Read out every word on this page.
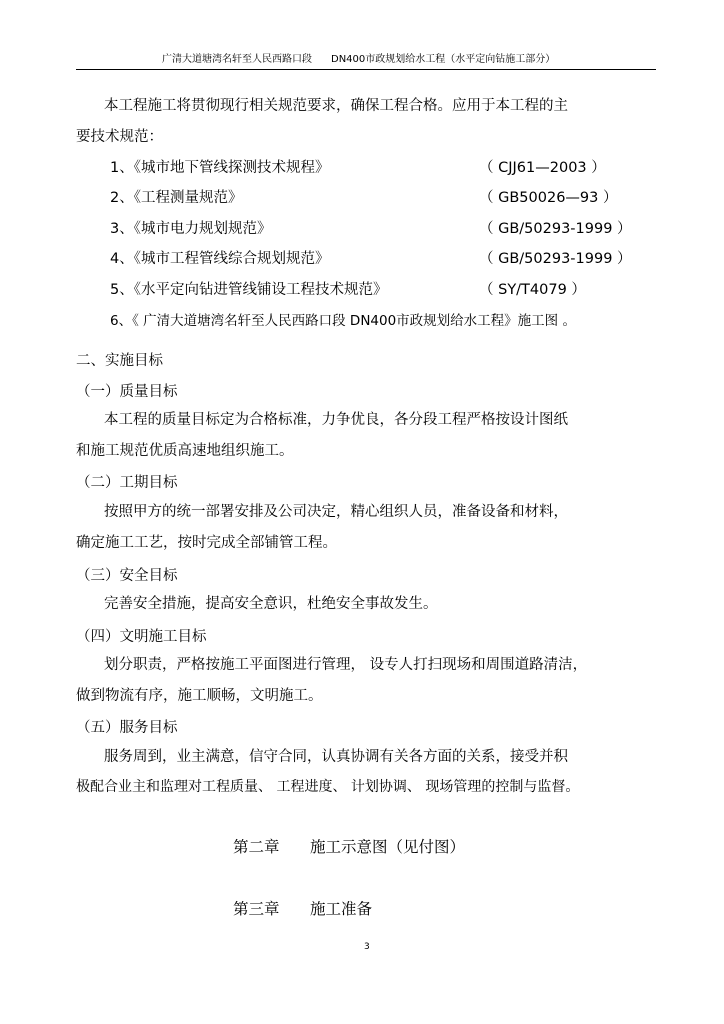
广清大道塘湾名轩至人民西路口段 DN400市政规划给水工程（水平定向钻施工部分）
本工程施工将贯彻现行相关规范要求，确保工程合格。应用于本工程的主
要技术规范：
1、《城市地下管线探测技术规程》	（ CJJ61—2003 ）
2、《工程测量规范》	（ GB50026—93 ）
3、《城市电力规划规范》	（ GB/50293-1999 ）
4、《城市工程管线综合规划规范》	（ GB/50293-1999 ）
5、《水平定向钻进管线铺设工程技术规范》	（ SY/T4079 ）
6、《 广清大道塘湾名轩至人民西路口段 DN400市政规划给水工程》施工图 。
二、实施目标
（一）质量目标
本工程的质量目标定为合格标准，力争优良，各分段工程严格按设计图纸
和施工规范优质高速地组织施工。
（二）工期目标
按照甲方的统一部署安排及公司决定，精心组织人员，准备设备和材料，
确定施工工艺，按时完成全部铺管工程。
（三）安全目标
完善安全措施，提高安全意识，杜绝安全事故发生。
（四）文明施工目标
划分职责，严格按施工平面图进行管理， 设专人打扫现场和周围道路清洁，
做到物流有序，施工顺畅，文明施工。
（五）服务目标
服务周到，业主满意，信守合同，认真协调有关各方面的关系，接受并积
极配合业主和监理对工程质量、 工程进度、 计划协调、 现场管理的控制与监督。
第二章 施工示意图（见付图）
第三章 施工准备
3
